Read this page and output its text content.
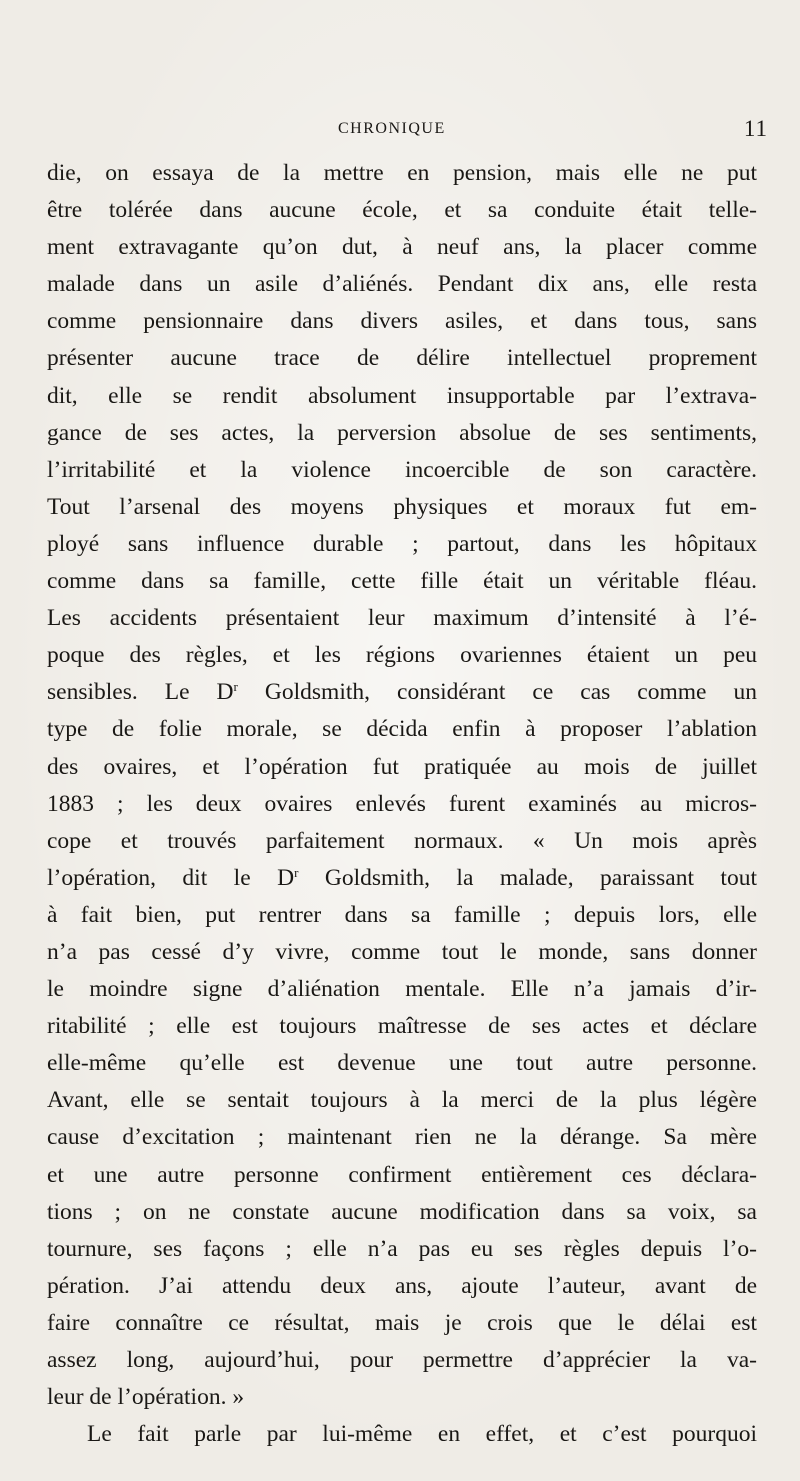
CHRONIQUE	11
die, on essaya de la mettre en pension, mais elle ne put
être tolérée dans aucune école, et sa conduite était telle-
ment extravagante qu’on dut, à neuf ans, la placer comme
malade dans un asile d’aliénés. Pendant dix ans, elle resta
comme pensionnaire dans divers asiles, et dans tous, sans
présenter aucune trace de délire intellectuel proprement
dit, elle se rendit absolument insupportable par l’extrava-
gance de ses actes, la perversion absolue de ses sentiments,
l’irritabilité et la violence incoercible de son caractère.
Tout l’arsenal des moyens physiques et moraux fut em-
ployé sans influence durable ; partout, dans les hôpitaux
comme dans sa famille, cette fille était un véritable fléau.
Les accidents présentaient leur maximum d’intensité à l’é-
poque des règles, et les régions ovariennes étaient un peu
sensibles. Le $D^r$ Goldsmith, considérant ce cas comme un
type de folie morale, se décida enfin à proposer l’ablation
des ovaires, et l’opération fut pratiquée au mois de juillet
1883 ; les deux ovaires enlevés furent examinés au micros-
cope et trouvés parfaitement normaux. « Un mois après
l’opération, dit le $D^r$ Goldsmith, la malade, paraissant tout
à fait bien, put rentrer dans sa famille ; depuis lors, elle
n’a pas cessé d’y vivre, comme tout le monde, sans donner
le moindre signe d’aliénation mentale. Elle n’a jamais d’ir-
ritabilité ; elle est toujours maîtresse de ses actes et déclare
elle-même qu’elle est devenue une tout autre personne.
Avant, elle se sentait toujours à la merci de la plus légère
cause d’excitation ; maintenant rien ne la dérange. Sa mère
et une autre personne confirment entièrement ces déclara-
tions ; on ne constate aucune modification dans sa voix, sa
tournure, ses façons ; elle n’a pas eu ses règles depuis l’o-
pération. J’ai attendu deux ans, ajoute l’auteur, avant de
faire connaître ce résultat, mais je crois que le délai est
assez long, aujourd’hui, pour permettre d’apprécier la va-
leur de l’opération. »
Le fait parle par lui-même en effet, et c’est pourquoi
